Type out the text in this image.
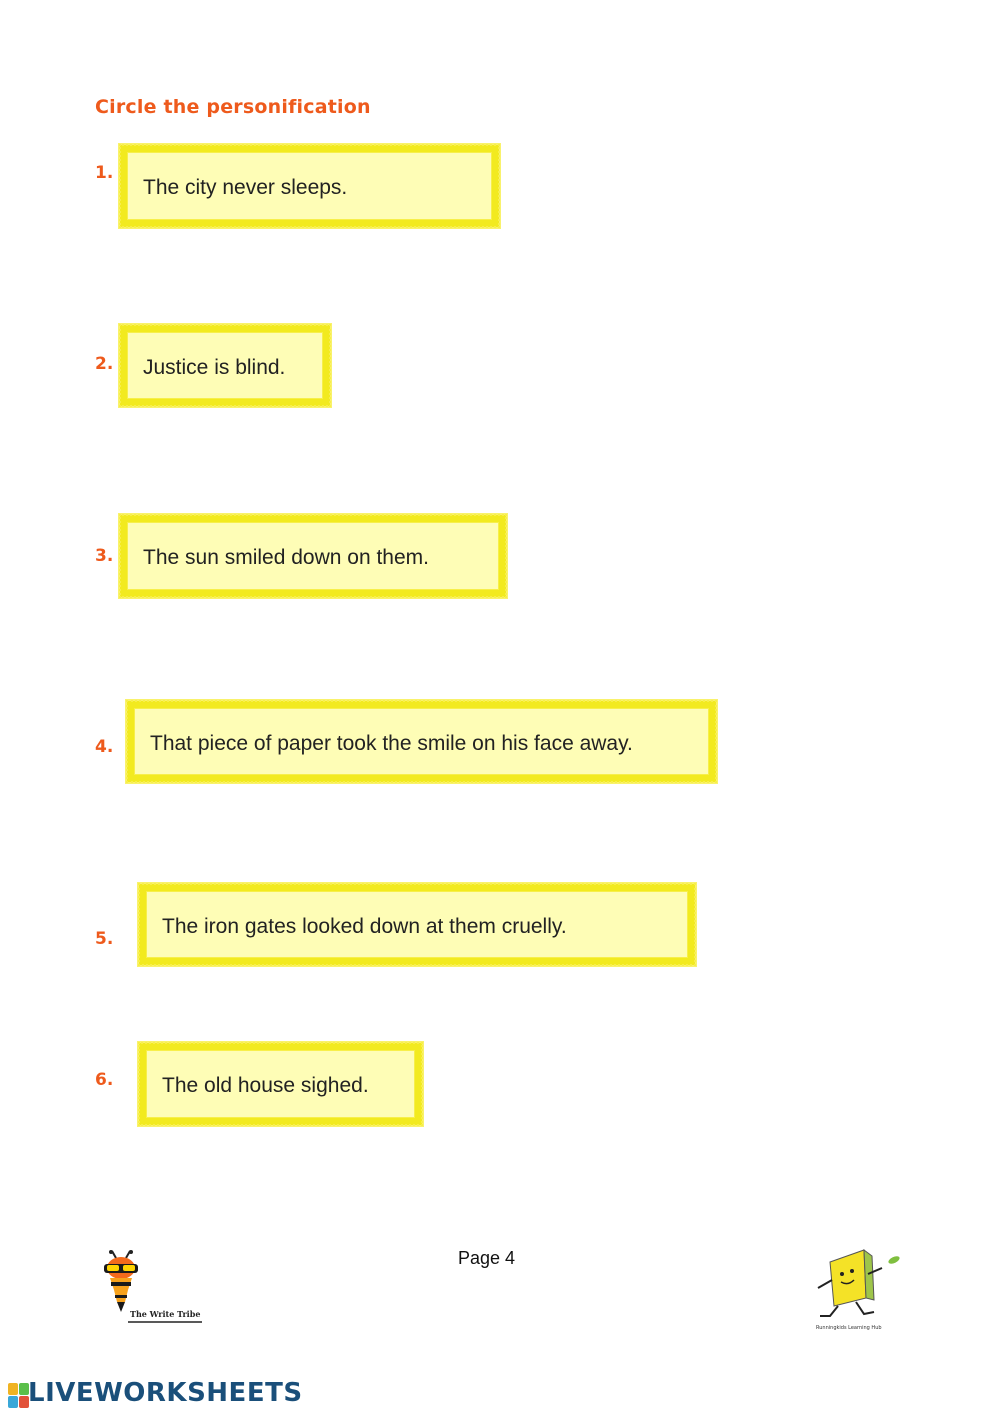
Circle the personification
1.
The city never sleeps.
2. Justice is blind.
3. The sun smiled down on them.
4. That piece of paper took the smile on his face away.
5.
The iron gates looked down at them cruelly.
6. The old house sighed.
Page 4
The Write Tribe
Runningkids Learning Hub
LIVEWORKSHEETS
